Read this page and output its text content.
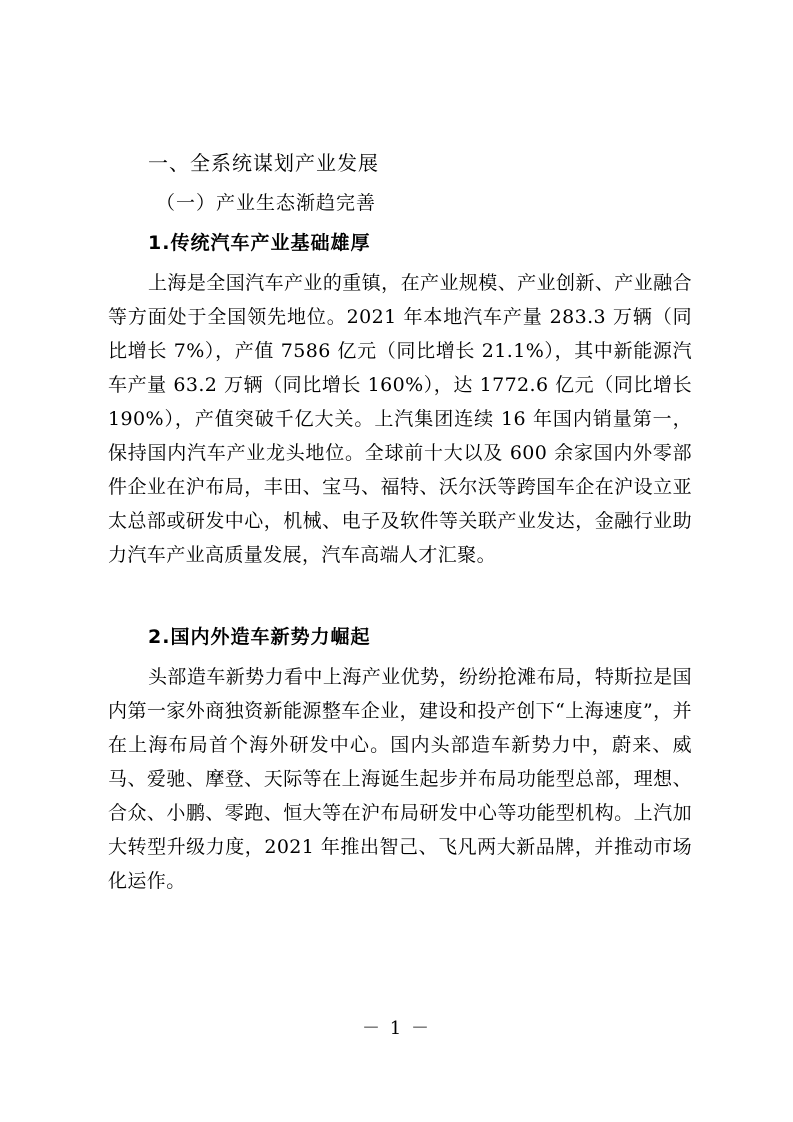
一、全系统谋划产业发展
（一）产业生态渐趋完善
1.传统汽车产业基础雄厚

上海是全国汽车产业的重镇，在产业规模、产业创新、产业融合等方面处于全国领先地位。2021 年本地汽车产量 283.3 万辆（同比增长 7%），产值 7586 亿元（同比增长 21.1%），其中新能源汽车产量 63.2 万辆（同比增长 160%），达 1772.6 亿元（同比增长 190%），产值突破千亿大关。上汽集团连续 16 年国内销量第一，保持国内汽车产业龙头地位。全球前十大以及 600 余家国内外零部件企业在沪布局，丰田、宝马、福特、沃尔沃等跨国车企在沪设立亚太总部或研发中心，机械、电子及软件等关联产业发达，金融行业助力汽车产业高质量发展，汽车高端人才汇聚。

2.国内外造车新势力崛起

头部造车新势力看中上海产业优势，纷纷抢滩布局，特斯拉是国内第一家外商独资新能源整车企业，建设和投产创下“上海速度”，并在上海布局首个海外研发中心。国内头部造车新势力中，蔚来、威马、爱驰、摩登、天际等在上海诞生起步并布局功能型总部，理想、合众、小鹏、零跑、恒大等在沪布局研发中心等功能型机构。上汽加大转型升级力度，2021 年推出智己、飞凡两大新品牌，并推动市场化运作。

－ 1 －
